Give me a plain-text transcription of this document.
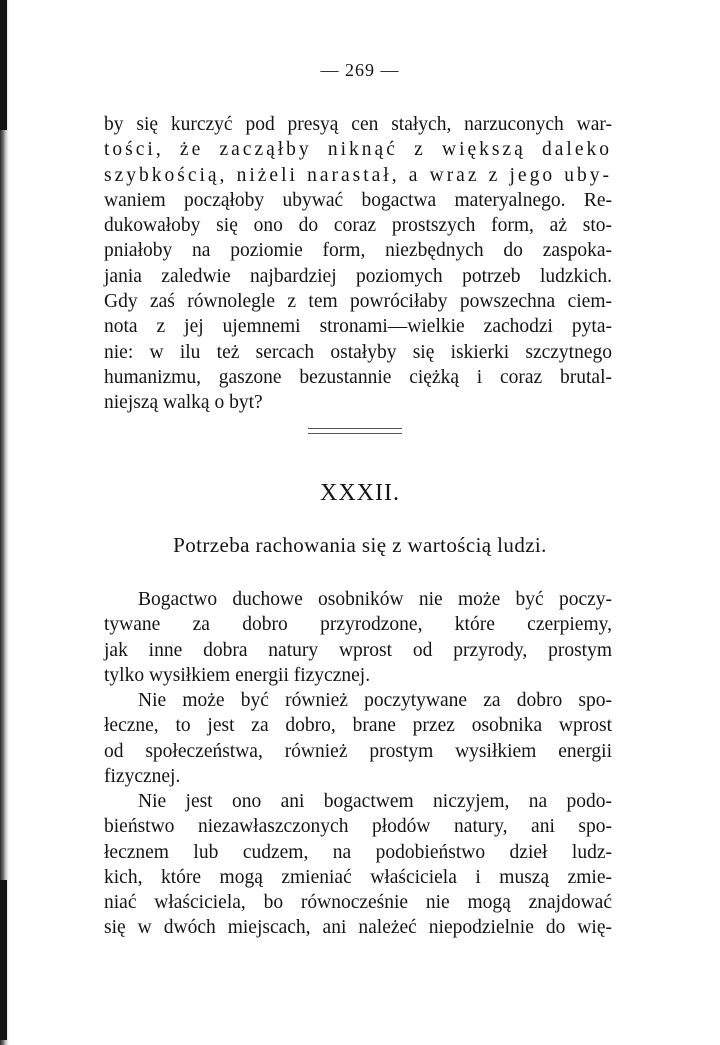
— 269 —
by się kurczyć pod presyą cen stałych, narzuconych war-
tości, że zacząłby niknąć z większą daleko
szybkością, niżeli narastał, a wraz z jego uby-
waniem począłoby ubywać bogactwa materyalnego. Re-
dukowałoby się ono do coraz prostszych form, aż sto-
pniałoby na poziomie form, niezbędnych do zaspoka-
jania zaledwie najbardziej poziomych potrzeb ludzkich.
Gdy zaś równolegle z tem powróciłaby powszechna ciem-
nota z jej ujemnemi stronami—wielkie zachodzi pyta-
nie: w ilu też sercach ostałyby się iskierki szczytnego
humanizmu, gaszone bezustannie ciężką i coraz brutal-
niejszą walką o byt?
XXXII.
Potrzeba rachowania się z wartością ludzi.
Bogactwo duchowe osobników nie może być poczy-
tywane za dobro przyrodzone, które czerpiemy,
jak inne dobra natury wprost od przyrody, prostym
tylko wysiłkiem energii fizycznej.
Nie może być również poczytywane za dobro spo-
łeczne, to jest za dobro, brane przez osobnika wprost
od społeczeństwa, również prostym wysiłkiem energii
fizycznej.
Nie jest ono ani bogactwem niczyjem, na podo-
bieństwo niezawłaszczonych płodów natury, ani spo-
łecznem lub cudzem, na podobieństwo dzieł ludz-
kich, które mogą zmieniać właściciela i muszą zmie-
niać właściciela, bo równocześnie nie mogą znajdować
się w dwóch miejscach, ani należeć niepodzielnie do wię-
